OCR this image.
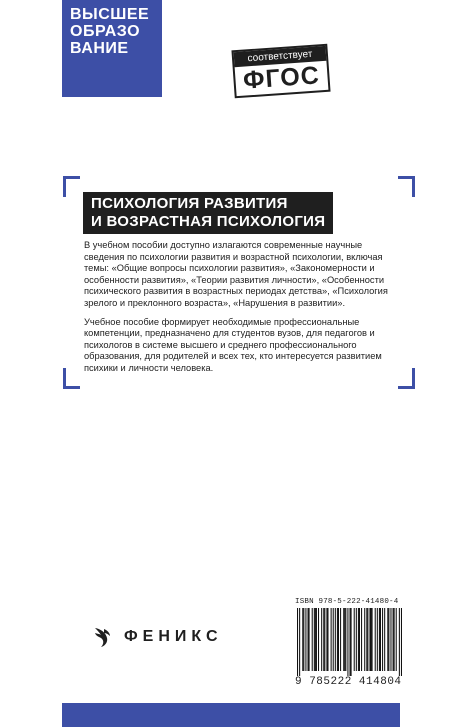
ВЫСШЕЕ
ОБРАЗО
ВАНИЕ	соответствует
ФГОС
ПСИХОЛОГИЯ РАЗВИТИЯ
И ВОЗРАСТНАЯ ПСИХОЛОГИЯ

В учебном пособии доступно излагаются современные научные сведения по психологии развития и возрастной психологии, включая темы: «Общие вопросы психологии развития», «Закономерности и особенности развития», «Теории развития личности», «Особенности психического развития в возрастных периодах детства», «Психология зрелого и преклонного возраста», «Нарушения в развитии».

Учебное пособие формирует необходимые профессиональные компетенции, предназначено для студентов вузов, для педагогов и психологов в системе высшего и среднего профессионального образования, для родителей и всех тех, кто интересуется развитием психики и личности человека.

ФЕНИКС
ISBN 978-5-222-41480-4
9 785222 414804
